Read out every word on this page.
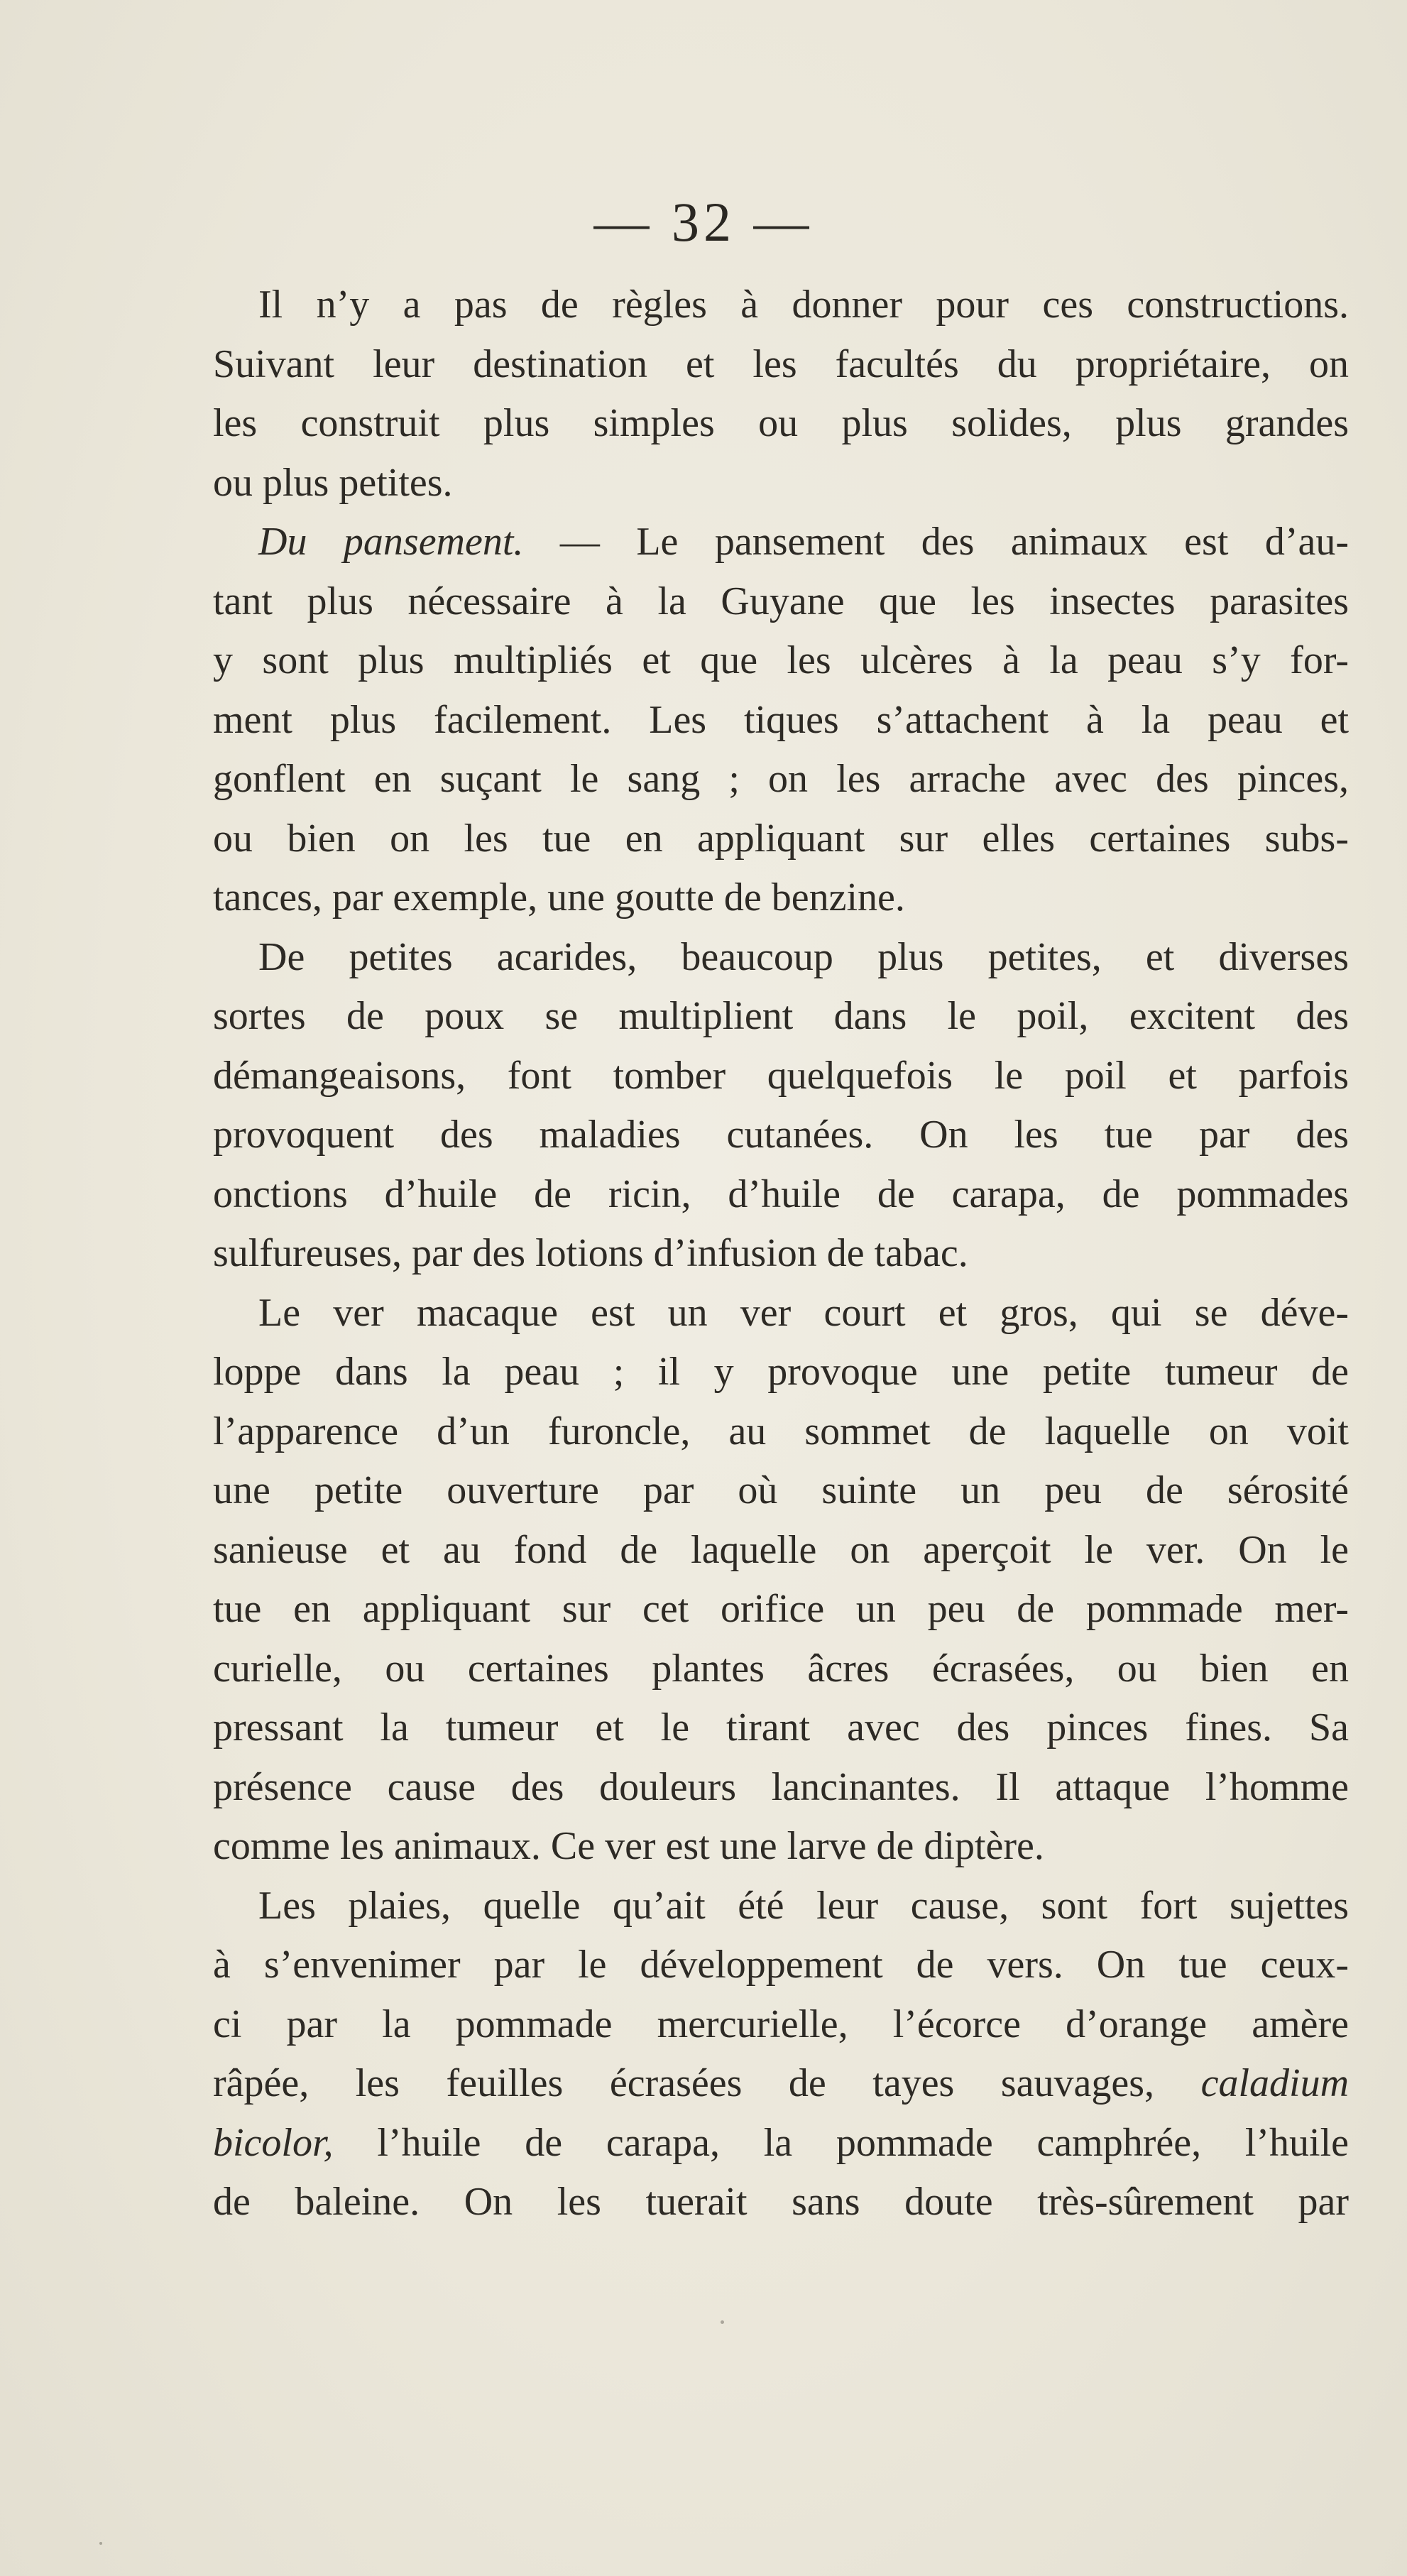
— 32 —
Il n’y a pas de règles à donner pour ces constructions.
Suivant leur destination et les facultés du propriétaire, on
les construit plus simples ou plus solides, plus grandes
ou plus petites.
Du pansement. — Le pansement des animaux est d’au-
tant plus nécessaire à la Guyane que les insectes parasites
y sont plus multipliés et que les ulcères à la peau s’y for-
ment plus facilement. Les tiques s’attachent à la peau et
gonflent en suçant le sang ; on les arrache avec des pinces,
ou bien on les tue en appliquant sur elles certaines subs-
tances, par exemple, une goutte de benzine.
De petites acarides, beaucoup plus petites, et diverses
sortes de poux se multiplient dans le poil, excitent des
démangeaisons, font tomber quelquefois le poil et parfois
provoquent des maladies cutanées. On les tue par des
onctions d’huile de ricin, d’huile de carapa, de pommades
sulfureuses, par des lotions d’infusion de tabac.
Le ver macaque est un ver court et gros, qui se déve-
loppe dans la peau ; il y provoque une petite tumeur de
l’apparence d’un furoncle, au sommet de laquelle on voit
une petite ouverture par où suinte un peu de sérosité
sanieuse et au fond de laquelle on aperçoit le ver. On le
tue en appliquant sur cet orifice un peu de pommade mer-
curielle, ou certaines plantes âcres écrasées, ou bien en
pressant la tumeur et le tirant avec des pinces fines. Sa
présence cause des douleurs lancinantes. Il attaque l’homme
comme les animaux. Ce ver est une larve de diptère.
Les plaies, quelle qu’ait été leur cause, sont fort sujettes
à s’envenimer par le développement de vers. On tue ceux-
ci par la pommade mercurielle, l’écorce d’orange amère
râpée, les feuilles écrasées de tayes sauvages, caladium
bicolor, l’huile de carapa, la pommade camphrée, l’huile
de baleine. On les tuerait sans doute très-sûrement par
